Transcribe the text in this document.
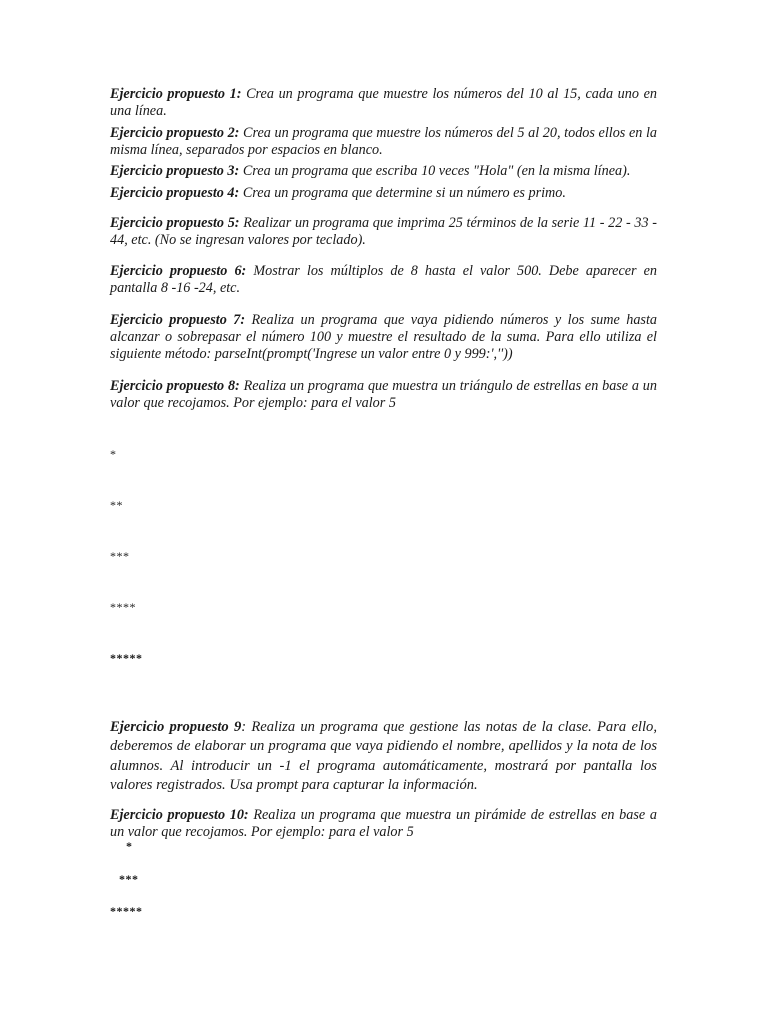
Ejercicio propuesto 1: Crea un programa que muestre los números del 10 al 15, cada uno en una línea.

Ejercicio propuesto 2: Crea un programa que muestre los números del 5 al 20, todos ellos en la misma línea, separados por espacios en blanco.

Ejercicio propuesto 3: Crea un programa que escriba 10 veces "Hola" (en la misma línea).

Ejercicio propuesto 4: Crea un programa que determine si un número es primo.

Ejercicio propuesto 5: Realizar un programa que imprima 25 términos de la serie 11 - 22 - 33 - 44, etc. (No se ingresan valores por teclado).

Ejercicio propuesto 6: Mostrar los múltiplos de 8 hasta el valor 500. Debe aparecer en pantalla 8 -16 -24, etc.

Ejercicio propuesto 7: Realiza un programa que vaya pidiendo números y los sume hasta alcanzar o sobrepasar el número 100 y muestre el resultado de la suma. Para ello utiliza el siguiente método: parseInt(prompt('Ingrese un valor entre 0 y 999:',''))

Ejercicio propuesto 8: Realiza un programa que muestra un triángulo de estrellas en base a un valor que recojamos. Por ejemplo: para el valor 5

*

**

***

****

*****

Ejercicio propuesto 9: Realiza un programa que gestione las notas de la clase. Para ello, deberemos de elaborar un programa que vaya pidiendo el nombre, apellidos y la nota de los alumnos. Al introducir un -1 el programa automáticamente, mostrará por pantalla los valores registrados. Usa prompt para capturar la información.

Ejercicio propuesto 10: Realiza un programa que muestra un pirámide de estrellas en base a un valor que recojamos. Por ejemplo: para el valor 5

*

***

*****
